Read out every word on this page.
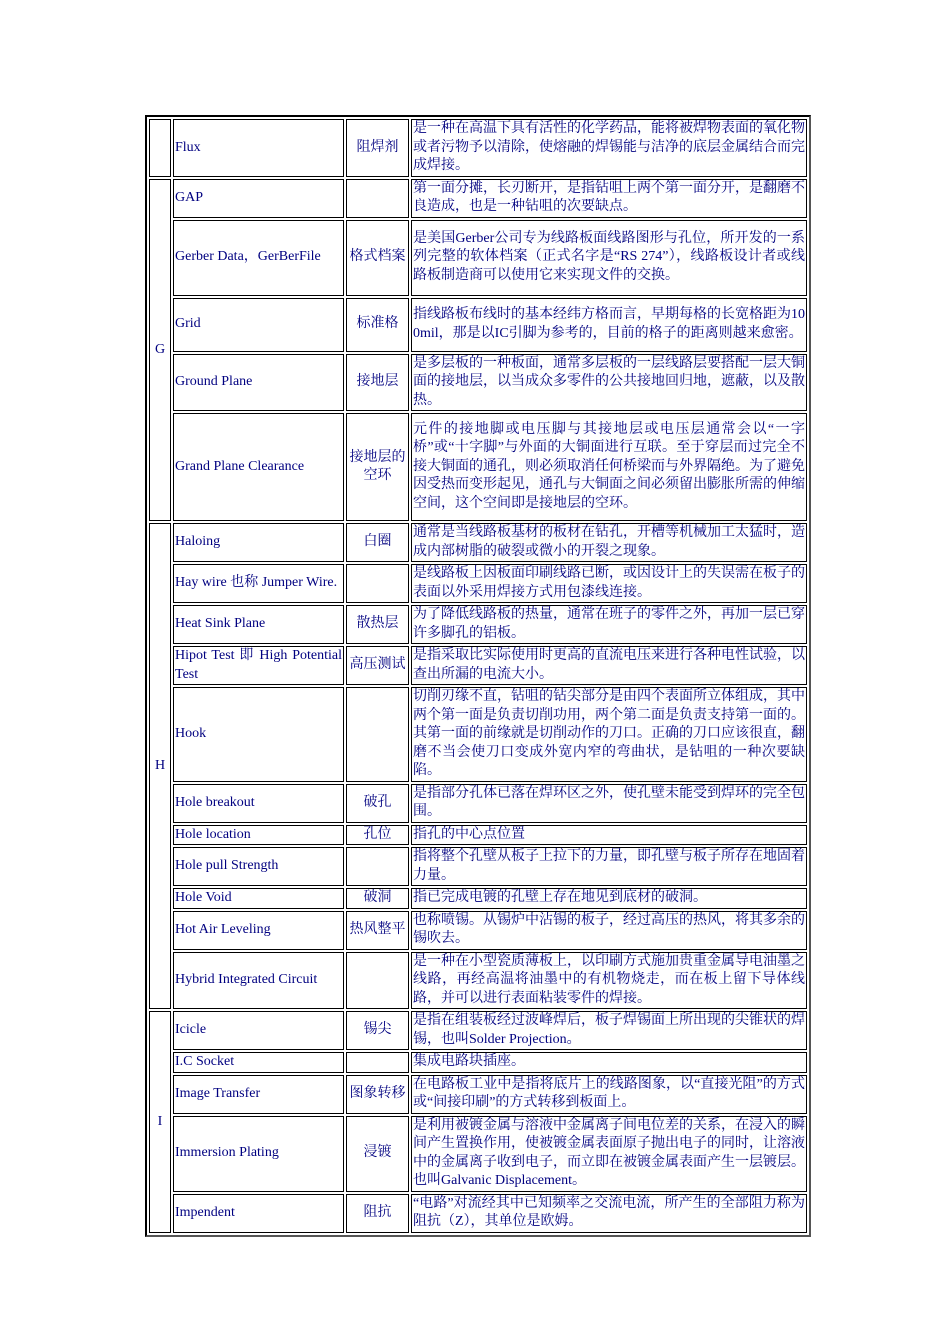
	Flux	阻焊剂	是一种在高温下具有活性的化学药品，能将被焊物表面的氧化物或者污物予以清除，使熔融的焊锡能与洁净的底层金属结合而完成焊接。
G	GAP		第一面分摊，长刃断开，是指钻咀上两个第一面分开，是翻磨不良造成，也是一种钻咀的次要缺点。
	Gerber Data，GerBerFile	格式档案	是美国Gerber公司专为线路板面线路图形与孔位，所开发的一系列完整的软体档案（正式名字是“RS 274”），线路板设计者或线路板制造商可以使用它来实现文件的交换。
	Grid	标准格	指线路板布线时的基本经纬方格而言，早期每格的长宽格距为100mil，那是以IC引脚为参考的，目前的格子的距离则越来愈密。
	Ground Plane	接地层	是多层板的一种板面，通常多层板的一层线路层要搭配一层大铜面的接地层，以当成众多零件的公共接地回归地，遮蔽，以及散热。
	Grand Plane Clearance	接地层的空环	元件的接地脚或电压脚与其接地层或电压层通常会以“一字桥”或“十字脚”与外面的大铜面进行互联。至于穿层而过完全不接大铜面的通孔，则必须取消任何桥梁而与外界隔绝。为了避免因受热而变形起见，通孔与大铜面之间必须留出膨胀所需的伸缩空间，这个空间即是接地层的空环。
H	Haloing	白圈	通常是当线路板基材的板材在钻孔，开槽等机械加工太猛时，造成内部树脂的破裂或微小的开裂之现象。
	Hay wire 也称 Jumper Wire.		是线路板上因板面印刷线路已断，或因设计上的失误需在板子的表面以外采用焊接方式用包漆线连接。
	Heat Sink Plane	散热层	为了降低线路板的热量，通常在班子的零件之外，再加一层已穿许多脚孔的铝板。
	Hipot Test 即 High Potential Test	高压测试	是指采取比实际使用时更高的直流电压来进行各种电性试验，以查出所漏的电流大小。
	Hook		切削刃缘不直，钻咀的钻尖部分是由四个表面所立体组成，其中两个第一面是负责切削功用，两个第二面是负责支持第一面的。其第一面的前缘就是切削动作的刀口。正确的刀口应该很直，翻磨不当会使刀口变成外宽内窄的弯曲状，是钻咀的一种次要缺陷。
	Hole breakout	破孔	是指部分孔体已落在焊环区之外，使孔壁未能受到焊环的完全包围。
	Hole location	孔位	指孔的中心点位置
	Hole pull Strength		指将整个孔壁从板子上拉下的力量，即孔壁与板子所存在地固着力量。
	Hole Void	破洞	指已完成电镀的孔壁上存在地见到底材的破洞。
	Hot Air Leveling	热风整平	也称喷锡。从锡炉中沾锡的板子，经过高压的热风，将其多余的锡吹去。
	Hybrid Integrated Circuit		是一种在小型瓷质薄板上，以印刷方式施加贵重金属导电油墨之线路，再经高温将油墨中的有机物烧走，而在板上留下导体线路，并可以进行表面粘装零件的焊接。
I	Icicle	锡尖	是指在组装板经过波峰焊后，板子焊锡面上所出现的尖锥状的焊锡，也叫Solder Projection。
	I.C Socket		集成电路块插座。
	Image Transfer	图象转移	在电路板工业中是指将底片上的线路图象，以“直接光阻”的方式或“间接印刷”的方式转移到板面上。
	Immersion Plating	浸镀	是利用被镀金属与溶液中金属离子间电位差的关系，在浸入的瞬间产生置换作用，使被镀金属表面原子抛出电子的同时，让溶液中的金属离子收到电子，而立即在被镀金属表面产生一层镀层。也叫Galvanic Displacement。
	Impendent	阻抗	“电路”对流经其中已知频率之交流电流，所产生的全部阻力称为阻抗（Z），其单位是欧姆。
